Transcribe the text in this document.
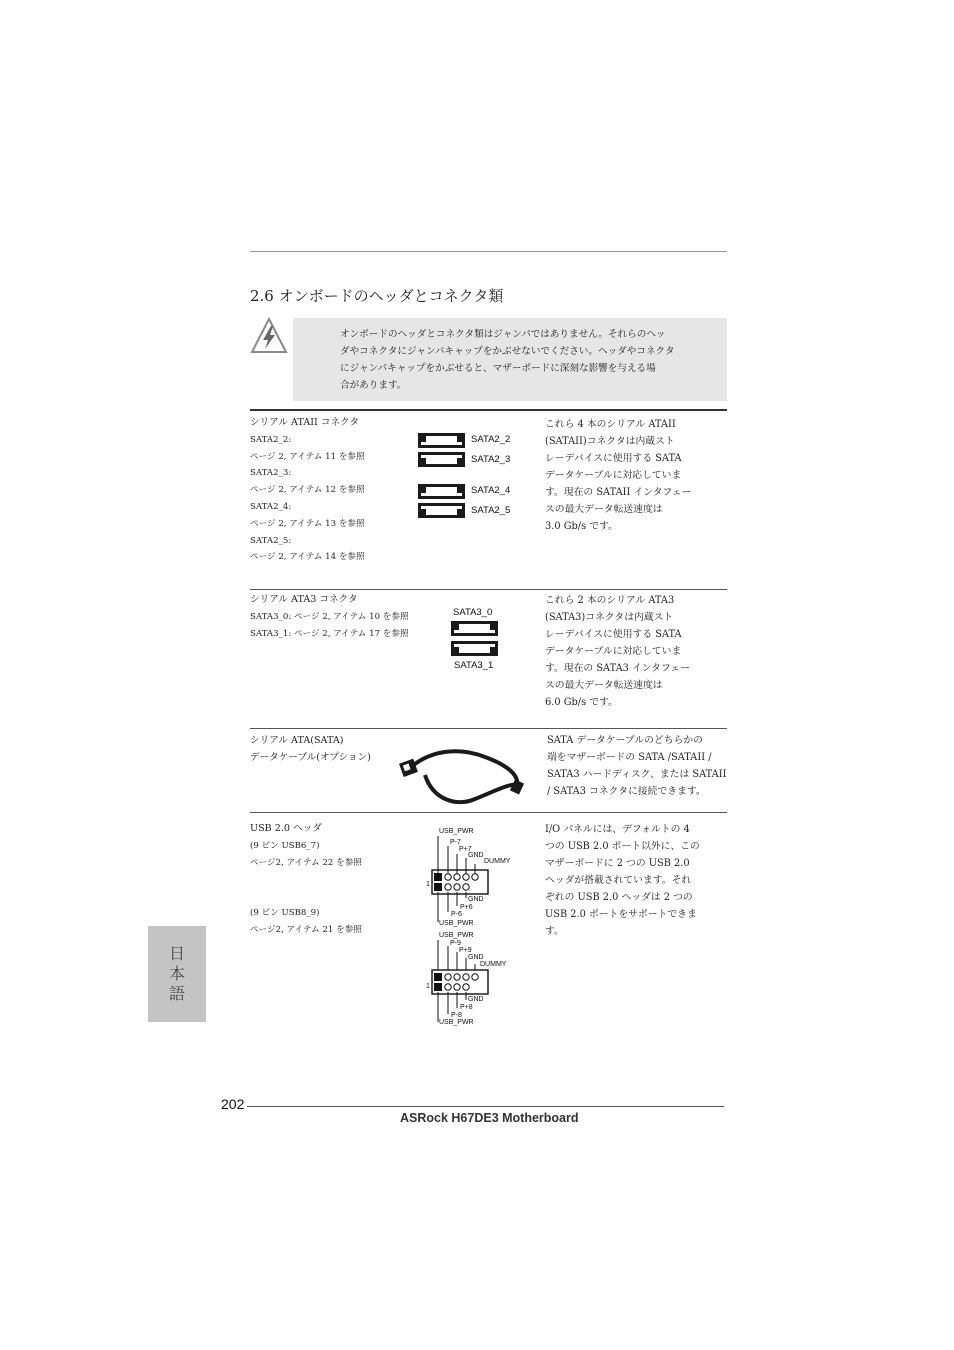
2.6 オンボードのヘッダとコネクタ類
オンボードのヘッダとコネクタ類はジャンパではありません。それらのヘッ
ダやコネクタにジャンパキャップをかぶせないでください。ヘッダやコネクタ
にジャンパキャップをかぶせると、マザーボードに深刻な影響を与える場
合があります。
シリアル ATAII コネクタ
SATA2_2:
ページ 2, アイテム 11 を参照
SATA2_3:
ページ 2, アイテム 12 を参照
SATA2_4:
ページ 2, アイテム 13 を参照
SATA2_5:
ページ 2, アイテム 14 を参照
SATA2_2
SATA2_3
SATA2_4
SATA2_5
これら 4 本のシリアル ATAII
(SATAII)コネクタは内蔵スト
レーデバイスに使用する SATA
データケーブルに対応していま
す。現在の SATAII インタフェー
スの最大データ転送速度は
3.0 Gb/s です。
シリアル ATA3 コネクタ
SATA3_0: ページ 2, アイテム 10 を参照
SATA3_1: ページ 2, アイテム 17 を参照
SATA3_0
SATA3_1
これら 2 本のシリアル ATA3
(SATA3)コネクタは内蔵スト
レーデバイスに使用する SATA
データケーブルに対応していま
す。現在の SATA3 インタフェー
スの最大データ転送速度は
6.0 Gb/s です。
シリアル ATA(SATA)
データケーブル(オプション)
SATA データケーブルのどちらかの
端をマザーボードの SATA /SATAII /
SATA3 ハードディスク、または SATAII
/ SATA3 コネクタに接続できます。
USB 2.0 ヘッダ
(9 ピン USB6_7)
ページ2, アイテム 22 を参照
(9 ピン USB8_9)
ページ2, アイテム 21 を参照
USB_PWR
P-7
P+7
GND
DUMMY
1
GND
P+6
P-6
USB_PWR
USB_PWR
P-9
P+9
GND
DUMMY
1
GND
P+8
P-8
USB_PWR
I/O パネルには、デフォルトの 4
つの USB 2.0 ポート以外に、この
マザーボードに 2 つの USB 2.0
ヘッダが搭載されています。それ
ぞれの USB 2.0 ヘッダは 2 つの
USB 2.0 ポートをサポートできま
す。
日本語
202
ASRock H67DE3 Motherboard
